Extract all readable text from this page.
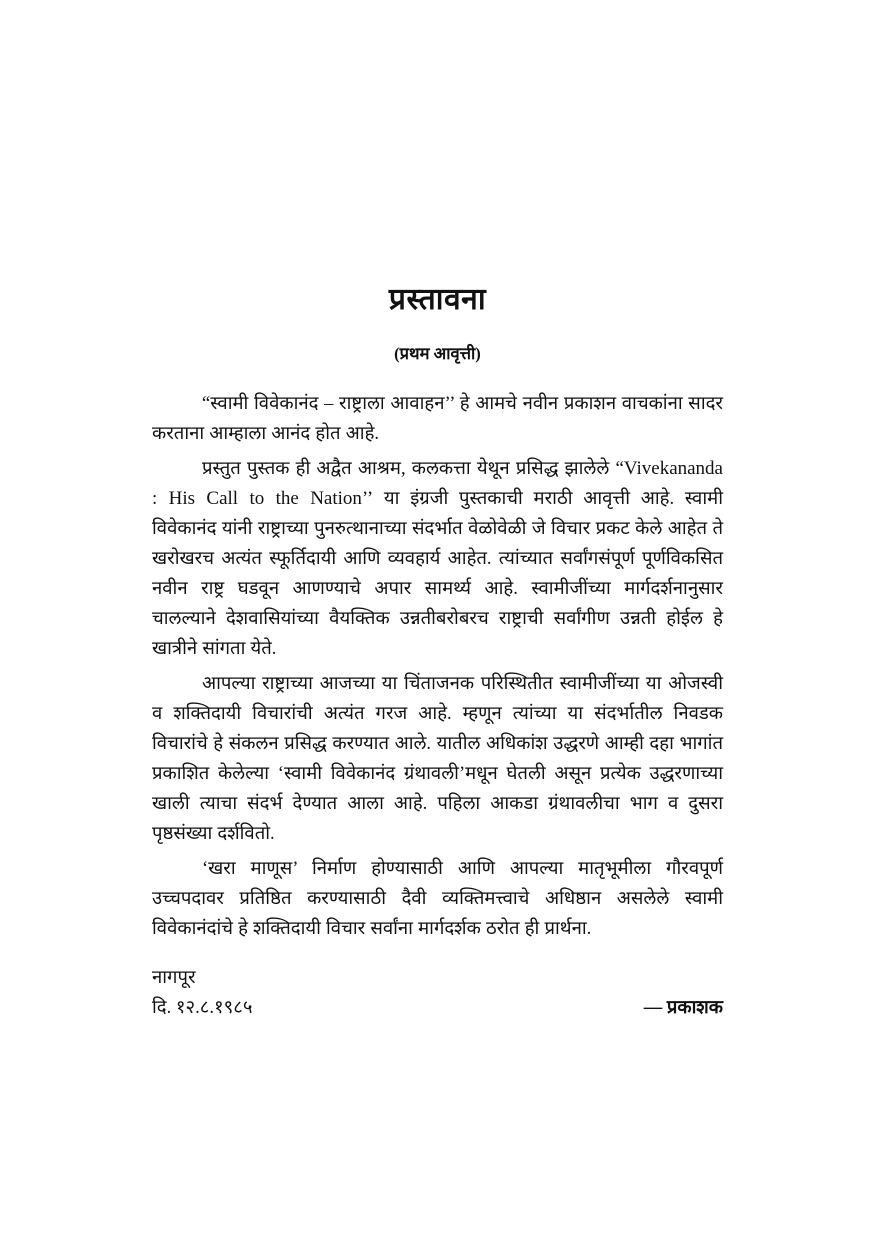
प्रस्तावना
(प्रथम आवृत्ती)

“स्वामी विवेकानंद – राष्ट्राला आवाहन’’ हे आमचे नवीन प्रकाशन वाचकांना सादर करताना आम्हाला आनंद होत आहे.

प्रस्तुत पुस्तक ही अद्वैत आश्रम, कलकत्ता येथून प्रसिद्ध झालेले “Vivekananda : His Call to the Nation’’ या इंग्रजी पुस्तकाची मराठी आवृत्ती आहे. स्वामी विवेकानंद यांनी राष्ट्राच्या पुनरुत्थानाच्या संदर्भात वेळोवेळी जे विचार प्रकट केले आहेत ते खरोखरच अत्यंत स्फूर्तिदायी आणि व्यवहार्य आहेत. त्यांच्यात सर्वांगसंपूर्ण पूर्णविकसित नवीन राष्ट्र घडवून आणण्याचे अपार सामर्थ्य आहे. स्वामीजींच्या मार्गदर्शनानुसार चालल्याने देशवासियांच्या वैयक्तिक उन्नतीबरोबरच राष्ट्राची सर्वांगीण उन्नती होईल हे खात्रीने सांगता येते.

आपल्या राष्ट्राच्या आजच्या या चिंताजनक परिस्थितीत स्वामीजींच्या या ओजस्वी व शक्तिदायी विचारांची अत्यंत गरज आहे. म्हणून त्यांच्या या संदर्भातील निवडक विचारांचे हे संकलन प्रसिद्ध करण्यात आले. यातील अधिकांश उद्धरणे आम्ही दहा भागांत प्रकाशित केलेल्या ‘स्वामी विवेकानंद ग्रंथावली’मधून घेतली असून प्रत्येक उद्धरणाच्या खाली त्याचा संदर्भ देण्यात आला आहे. पहिला आकडा ग्रंथावलीचा भाग व दुसरा पृष्ठसंख्या दर्शवितो.

‘खरा माणूस’ निर्माण होण्यासाठी आणि आपल्या मातृभूमीला गौरवपूर्ण उच्चपदावर प्रतिष्ठित करण्यासाठी दैवी व्यक्तिमत्त्वाचे अधिष्ठान असलेले स्वामी विवेकानंदांचे हे शक्तिदायी विचार सर्वांना मार्गदर्शक ठरोत ही प्रार्थना.

नागपूर
दि. १२.८.१९८५	— प्रकाशक
